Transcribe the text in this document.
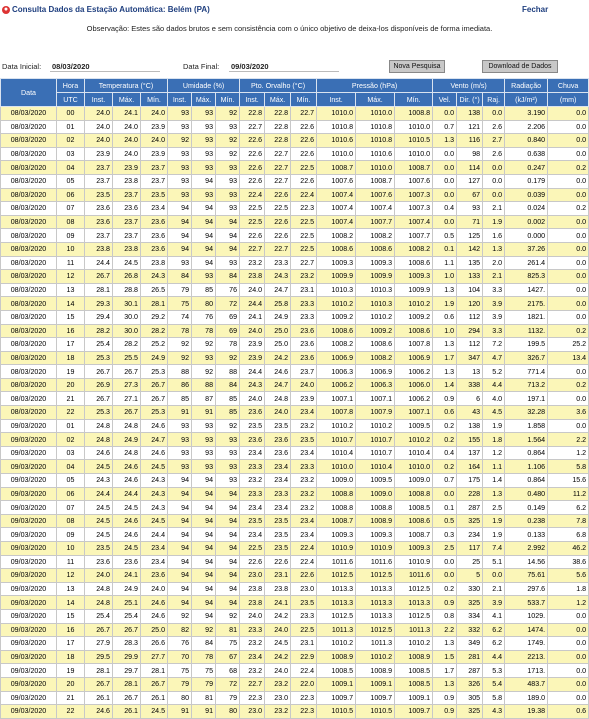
● Consulta Dados da Estação Automática: Belém (PA)	Fechar
Observação: Estes são dados brutos e sem consistência com o único objetivo de deixa-los disponíveis de forma imediata.
Data Inicial: 08/03/2020	Data Final: 09/03/2020	Nova Pesquisa	Download de Dados
Data	Hora	Temperatura (°C)			Umidade (%)			Pto. Orvalho (°C)			Pressão (hPa)			Vento (m/s)			Radiação	Chuva
	UTC	Inst.	Máx.	Mín.	Inst.	Máx.	Mín.	Inst.	Máx.	Mín.	Inst.	Máx.	Mín.	Vel.	Dir. (°)	Raj.	(kJ/m²)	(mm)
08/03/2020	00	24.0	24.1	24.0	93	93	92	22.8	22.8	22.7	1010.0	1010.0	1008.8	0.0	138	0.0	3.190	0.0
08/03/2020	01	24.0	24.0	23.9	93	93	93	22.7	22.8	22.6	1010.8	1010.8	1010.0	0.7	121	2.6	2.206	0.0
08/03/2020	02	24.0	24.0	24.0	92	93	92	22.6	22.8	22.6	1010.6	1010.8	1010.5	1.3	116	2.7	0.840	0.0
08/03/2020	03	23.9	24.0	23.9	93	93	92	22.6	22.7	22.6	1010.0	1010.6	1010.0	0.0	98	2.6	0.638	0.0
08/03/2020	04	23.7	23.9	23.7	93	93	93	22.6	22.7	22.5	1008.7	1010.0	1008.7	0.0	114	0.0	0.247	0.2
08/03/2020	05	23.7	23.8	23.7	93	94	93	22.6	22.7	22.6	1007.6	1008.7	1007.6	0.0	127	0.0	0.179	0.0
08/03/2020	06	23.5	23.7	23.5	93	93	93	22.4	22.6	22.4	1007.4	1007.6	1007.3	0.0	67	0.0	0.039	0.0
08/03/2020	07	23.6	23.6	23.4	94	94	93	22.5	22.5	22.3	1007.4	1007.4	1007.3	0.4	93	2.1	0.024	0.2
08/03/2020	08	23.6	23.7	23.6	94	94	94	22.5	22.6	22.5	1007.4	1007.7	1007.4	0.0	71	1.9	0.002	0.0
08/03/2020	09	23.7	23.7	23.6	94	94	94	22.6	22.6	22.5	1008.2	1008.2	1007.7	0.5	125	1.6	0.000	0.0
08/03/2020	10	23.8	23.8	23.6	94	94	94	22.7	22.7	22.5	1008.6	1008.6	1008.2	0.1	142	1.3	37.26	0.0
08/03/2020	11	24.4	24.5	23.8	93	94	93	23.2	23.3	22.7	1009.3	1009.3	1008.6	1.1	135	2.0	261.4	0.0
08/03/2020	12	26.7	26.8	24.3	84	93	84	23.8	24.3	23.2	1009.9	1009.9	1009.3	1.0	133	2.1	825.3	0.0
08/03/2020	13	28.1	28.8	26.5	79	85	76	24.0	24.7	23.1	1010.3	1010.3	1009.9	1.3	104	3.3	1427.	0.0
08/03/2020	14	29.3	30.1	28.1	75	80	72	24.4	25.8	23.3	1010.2	1010.3	1010.2	1.9	120	3.9	2175.	0.0
08/03/2020	15	29.4	30.0	29.2	74	76	69	24.1	24.9	23.3	1009.2	1010.2	1009.2	0.6	112	3.9	1821.	0.0
08/03/2020	16	28.2	30.0	28.2	78	78	69	24.0	25.0	23.6	1008.6	1009.2	1008.6	1.0	294	3.3	1132.	0.2
08/03/2020	17	25.4	28.2	25.2	92	92	78	23.9	25.0	23.6	1008.2	1008.6	1007.8	1.3	112	7.2	199.5	25.2
08/03/2020	18	25.3	25.5	24.9	92	93	92	23.9	24.2	23.6	1006.9	1008.2	1006.9	1.7	347	4.7	326.7	13.4
08/03/2020	19	26.7	26.7	25.3	88	92	88	24.4	24.6	23.7	1006.3	1006.9	1006.2	1.3	13	5.2	771.4	0.0
08/03/2020	20	26.9	27.3	26.7	86	88	84	24.3	24.7	24.0	1006.2	1006.3	1006.0	1.4	338	4.4	713.2	0.2
08/03/2020	21	26.7	27.1	26.7	85	87	85	24.0	24.8	23.9	1007.1	1007.1	1006.2	0.9	6	4.0	197.1	0.0
08/03/2020	22	25.3	26.7	25.3	91	91	85	23.6	24.0	23.4	1007.8	1007.9	1007.1	0.6	43	4.5	32.28	3.6
09/03/2020	01	24.8	24.8	24.6	93	93	92	23.5	23.5	23.2	1010.2	1010.2	1009.5	0.2	138	1.9	1.858	0.0
09/03/2020	02	24.8	24.9	24.7	93	93	93	23.6	23.6	23.5	1010.7	1010.7	1010.2	0.2	155	1.8	1.564	2.2
09/03/2020	03	24.6	24.8	24.6	93	93	93	23.4	23.6	23.4	1010.4	1010.7	1010.4	0.4	137	1.2	0.864	1.2
09/03/2020	04	24.5	24.6	24.5	93	93	93	23.3	23.4	23.3	1010.0	1010.4	1010.0	0.2	164	1.1	1.106	5.8
09/03/2020	05	24.3	24.6	24.3	94	94	93	23.2	23.4	23.2	1009.0	1009.5	1009.0	0.7	175	1.4	0.864	15.6
09/03/2020	06	24.4	24.4	24.3	94	94	94	23.3	23.3	23.2	1008.8	1009.0	1008.8	0.0	228	1.3	0.480	11.2
09/03/2020	07	24.5	24.5	24.3	94	94	94	23.4	23.4	23.2	1008.8	1008.8	1008.5	0.1	287	2.5	0.149	6.2
09/03/2020	08	24.5	24.6	24.5	94	94	94	23.5	23.5	23.4	1008.7	1008.9	1008.6	0.5	325	1.9	0.238	7.8
09/03/2020	09	24.5	24.6	24.4	94	94	94	23.4	23.5	23.4	1009.3	1009.3	1008.7	0.3	234	1.9	0.133	6.8
09/03/2020	10	23.5	24.5	23.4	94	94	94	22.5	23.5	22.4	1010.9	1010.9	1009.3	2.5	117	7.4	2.992	46.2
09/03/2020	11	23.6	23.6	23.4	94	94	94	22.6	22.6	22.4	1011.6	1011.6	1010.9	0.0	25	5.1	14.56	38.6
09/03/2020	12	24.0	24.1	23.6	94	94	94	23.0	23.1	22.6	1012.5	1012.5	1011.6	0.0	5	0.0	75.61	5.6
09/03/2020	13	24.8	24.9	24.0	94	94	94	23.8	23.8	23.0	1013.3	1013.3	1012.5	0.2	330	2.1	297.6	1.8
09/03/2020	14	24.8	25.1	24.6	94	94	94	23.8	24.1	23.5	1013.3	1013.3	1013.3	0.9	325	3.9	533.7	1.2
09/03/2020	15	25.4	25.4	24.6	92	94	92	24.0	24.2	23.3	1012.5	1013.3	1012.5	0.8	334	4.1	1029.	0.0
09/03/2020	16	26.7	26.7	25.0	82	92	81	23.3	24.0	22.5	1011.3	1012.5	1011.3	2.2	332	6.2	1474.	0.0
09/03/2020	17	27.9	28.3	26.6	76	84	75	23.2	24.5	23.1	1010.2	1011.3	1010.2	1.3	349	6.2	1749.	0.0
09/03/2020	18	29.5	29.9	27.7	70	78	67	23.4	24.2	22.9	1008.9	1010.2	1008.9	1.5	281	4.4	2213.	0.0
09/03/2020	19	28.1	29.7	28.1	75	75	68	23.2	24.0	22.4	1008.5	1008.9	1008.5	1.7	287	5.3	1713.	0.0
09/03/2020	20	26.7	28.1	26.7	79	79	72	22.7	23.2	22.0	1009.1	1009.1	1008.5	1.3	326	5.4	483.7	0.0
09/03/2020	21	26.1	26.7	26.1	80	81	79	22.3	23.0	22.3	1009.7	1009.7	1009.1	0.9	305	5.8	189.0	0.0
09/03/2020	22	24.6	26.1	24.5	91	91	80	23.0	23.2	22.3	1010.5	1010.5	1009.7	0.9	325	4.3	19.38	0.6
